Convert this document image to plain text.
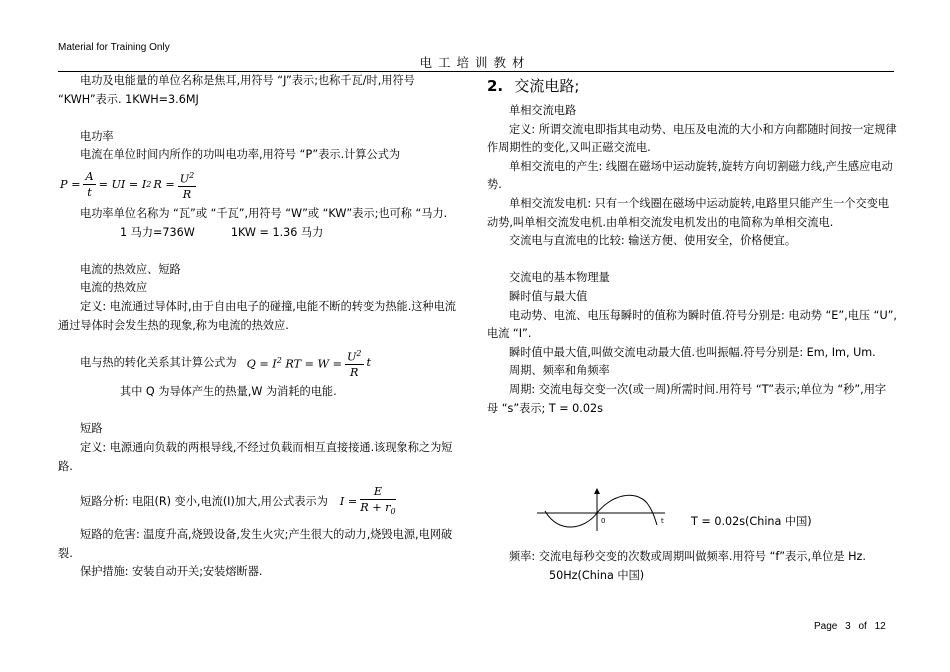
Material for Training Only
电工培训教材

电功及电能量的单位名称是焦耳,用符号 “J”表示;也称千瓦/时,用符号 “KWH”表示. 1KWH=3.6MJ

电功率

电流在单位时间内所作的功叫电功率,用符号 “P”表示.计算公式为

$P = \frac{A}{t}$ = UI = I 2 $R = \frac{U^2}{R}$

电功率单位名称为 “瓦”或 “千瓦”,用符号 “W”或 “KW”表示;也可称 “马力.

1 马力=736W	1KW = 1.36 马力

电流的热效应、短路

电流的热效应

定义: 电流通过导体时,由于自由电子的碰撞,电能不断的转变为热能.这种电流通过导体时会发生热的现象,称为电流的热效应.

电与热的转化关系其计算公式为 $Q = I^2$ RT = $W = \frac{U^2}{R}$ t

其中 Q 为导体产生的热量,W 为消耗的电能.

短路

定义: 电源通向负载的两根导线,不经过负载而相互直接接通.该现象称之为短路.

短路分析: 电阻(R) 变小,电流(I)加大,用公式表示为 $I = \frac{E}{R + r_0}$

短路的危害: 温度升高,烧毁设备,发生火灾;产生很大的动力,烧毁电源,电网破裂.

保护措施: 安装自动开关;安装熔断器.

2. 交流电路;

单相交流电路

定义: 所谓交流电即指其电动势、电压及电流的大小和方向都随时间按一定规律作周期性的变化,又叫正磁交流电.

单相交流电的产生: 线圈在磁场中运动旋转,旋转方向切割磁力线,产生感应电动势.

单相交流发电机: 只有一个线圈在磁场中运动旋转,电路里只能产生一个交变电动势,叫单相交流发电机.由单相交流发电机发出的电简称为单相交流电.

交流电与直流电的比较: 输送方便、使用安全，价格便宜。

交流电的基本物理量

瞬时值与最大值

电动势、电流、电压每瞬时的值称为瞬时值.符号分别是: 电动势 “E”,电压 “U”,电流 “I”.

瞬时值中最大值,叫做交流电动最大值.也叫振幅.符号分别是: Em, Im, Um.

周期、频率和角频率

周期: 交流电每交变一次(或一周)所需时间.用符号 “T”表示;单位为 “秒”,用字母 “s”表示; T = 0.02s

0	t T = 0.02s(China 中国)

频率: 交流电每秒交变的次数或周期叫做频率.用符号 “f”表示,单位是 Hz.

50Hz(China 中国)

Page 3 of 12
